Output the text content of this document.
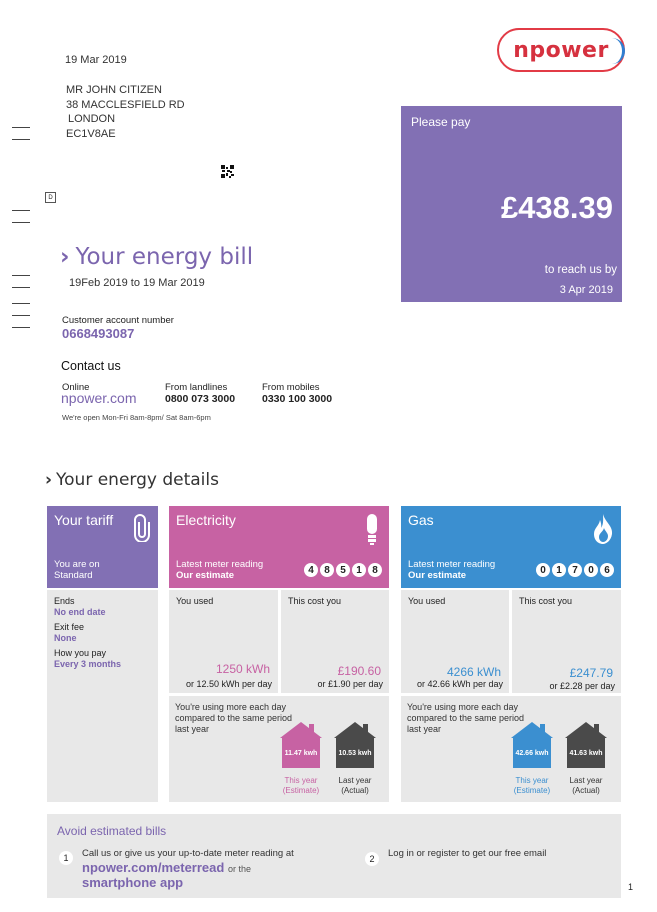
19 Mar 2019	npower
MR JOHN CITIZEN
38 MACCLESFIELD RD
LONDON
EC1V8AE
D
Please pay
£438.39
to reach us by
3 Apr 2019
› Your energy bill
19Feb 2019 to 19 Mar 2019
Customer account number
0668493087
Contact us
Online
npower.com
From landlines
0800 073 3000
From mobiles
0330 100 3000
We're open Mon-Fri 8am-8pm/ Sat 8am-6pm
› Your energy details
Your tariff
You are on
Standard
Ends
No end date
Exit fee
None
How you pay
Every 3 months
Electricity
Latest meter reading
Our estimate	4	8	5	1	8
You used
1250 kWh
or 12.50 kWh per day
This cost you
£190.60
or £1.90 per day
You're using more each day compared to the same period last year
11.47 kwh
This year
(Estimate)
10.53 kwh
Last year
(Actual)
Gas
Latest meter reading
Our estimate	0	1	7	0	6
You used
4266 kWh
or 42.66 kWh per day
This cost you
£247.79
or £2.28 per day
You're using more each day compared to the same period last year
42.66 kwh
This year
(Estimate)
41.63 kwh
Last year
(Actual)
Avoid estimated bills
1	Call us or give us your up-to-date meter reading at
npower.com/meterread or the
smartphone app
2	Log in or register to get our free email
1
